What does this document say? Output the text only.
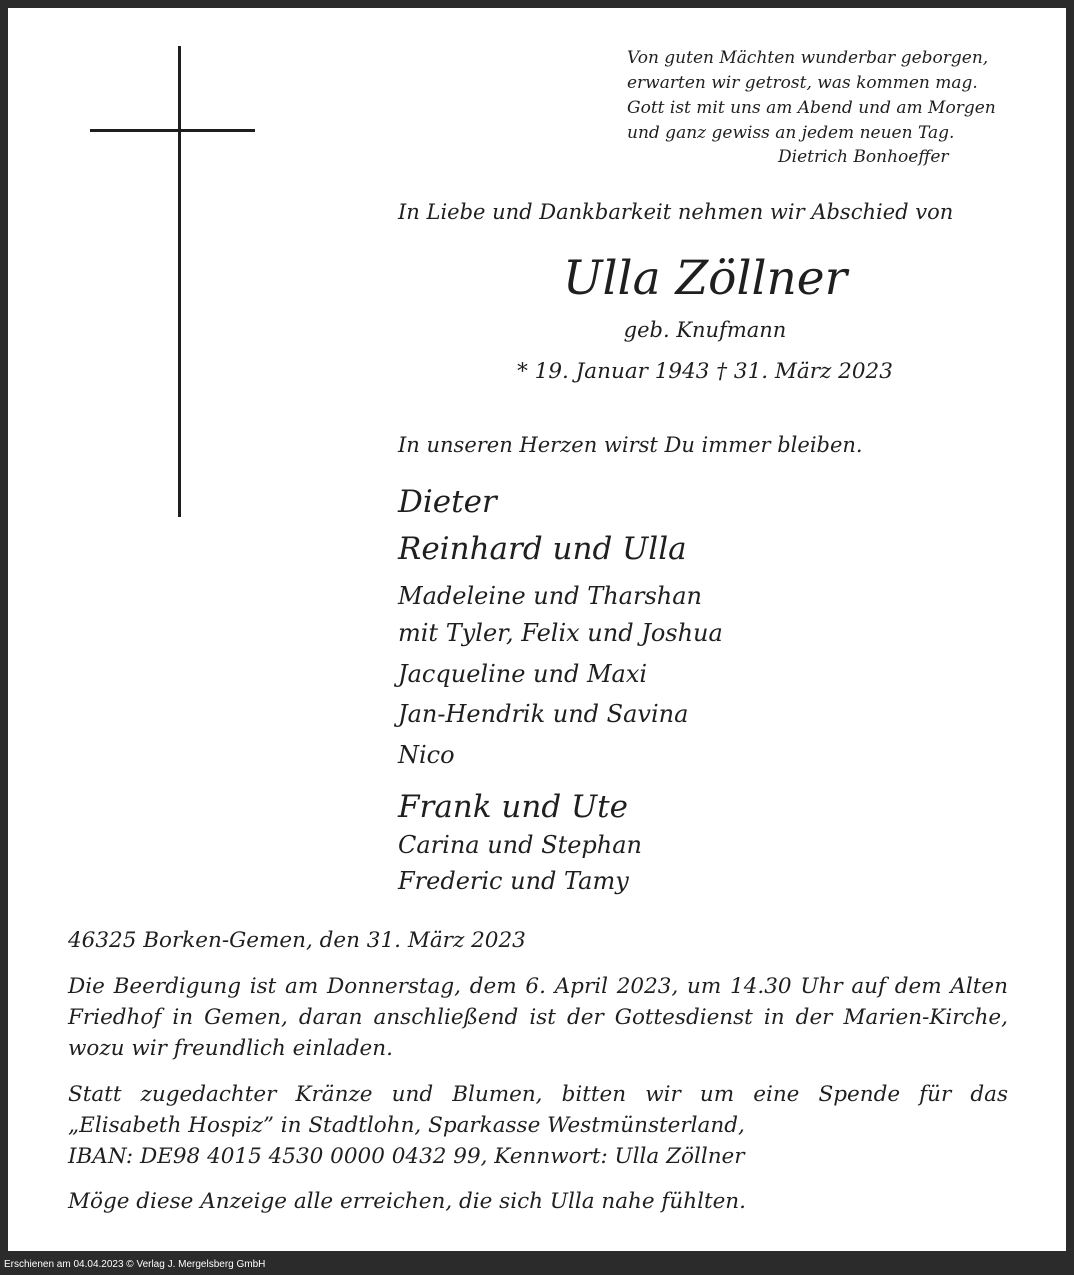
Von guten Mächten wunderbar geborgen,
erwarten wir getrost, was kommen mag.
Gott ist mit uns am Abend und am Morgen
und ganz gewiss an jedem neuen Tag.
Dietrich Bonhoeffer
In Liebe und Dankbarkeit nehmen wir Abschied von
Ulla Zöllner
geb. Knufmann
* 19. Januar 1943 † 31. März 2023
In unseren Herzen wirst Du immer bleiben.
Dieter
Reinhard und Ulla
Madeleine und Tharshan
mit Tyler, Felix und Joshua
Jacqueline und Maxi
Jan-Hendrik und Savina
Nico
Frank und Ute
Carina und Stephan
Frederic und Tamy
46325 Borken-Gemen, den 31. März 2023
Die Beerdigung ist am Donnerstag, dem 6. April 2023, um 14.30 Uhr auf dem Alten Friedhof in Gemen, daran anschließend ist der Gottesdienst in der Marien-Kirche, wozu wir freundlich einladen.
Statt zugedachter Kränze und Blumen, bitten wir um eine Spende für das
„Elisabeth Hospiz” in Stadtlohn, Sparkasse Westmünsterland,
IBAN: DE98 4015 4530 0000 0432 99, Kennwort: Ulla Zöllner
Möge diese Anzeige alle erreichen, die sich Ulla nahe fühlten.
Erschienen am 04.04.2023 © Verlag J. Mergelsberg GmbH
